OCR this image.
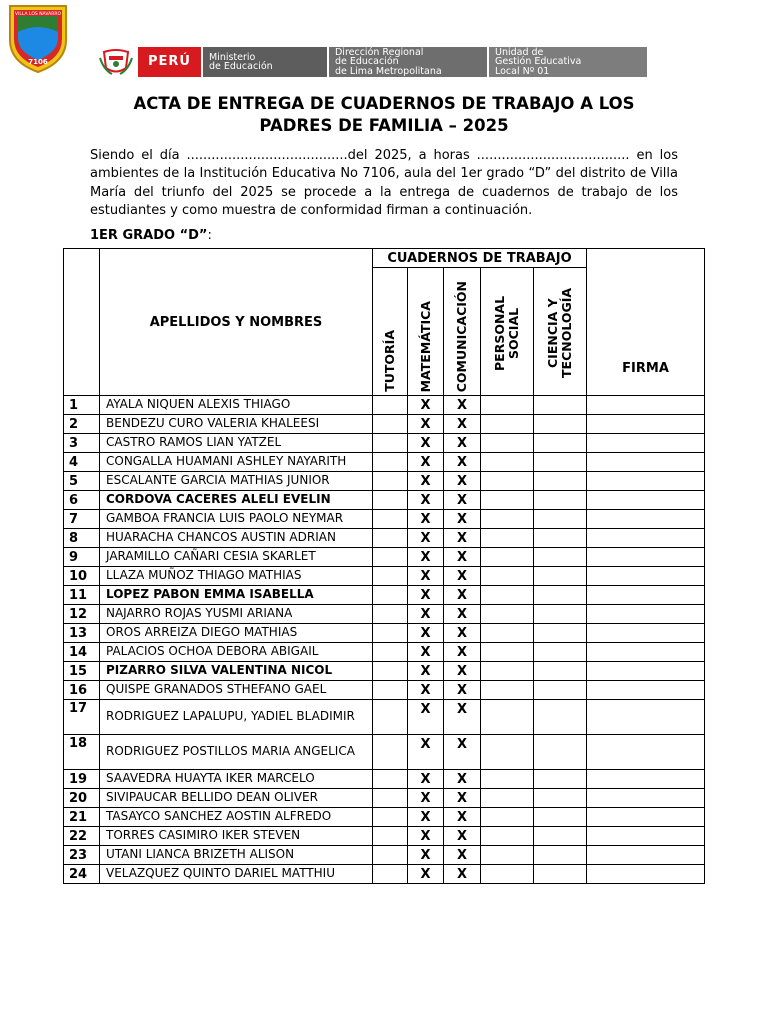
VILLA LOS NAVARRO
7106	PERÚ	Ministerio
de Educación
Dirección Regional
de Educación
de Lima Metropolitana
Unidad de
Gestión Educativa
Local Nº 01
ACTA DE ENTREGA DE CUADERNOS DE TRABAJO A LOS
PADRES DE FAMILIA – 2025
Siendo el día .......................................del 2025, a horas ..................................... en los ambientes de la Institución Educativa No 7106, aula del 1er grado “D” del distrito de Villa María del triunfo del 2025 se procede a la entrega de cuadernos de trabajo de los estudiantes y como muestra de conformidad firman a continuación.
1ER GRADO “D”:
	APELLIDOS Y NOMBRES	CUADERNOS DE TRABAJO					FIRMA
		TUTORÍA	MATEMÁTICA	COMUNICACIÓN	PERSONAL SOCIAL	CIENCIA Y TECNOLOGÍA	
1	AYALA NIQUEN ALEXIS THIAGO		X	X			
2	BENDEZU CURO VALERIA KHALEESI		X	X			
3	CASTRO RAMOS LIAN YATZEL		X	X			
4	CONGALLA HUAMANI ASHLEY NAYARITH		X	X			
5	ESCALANTE GARCIA MATHIAS JUNIOR		X	X			
6	CORDOVA CACERES ALELI EVELIN		X	X			
7	GAMBOA FRANCIA LUIS PAOLO NEYMAR		X	X			
8	HUARACHA CHANCOS AUSTIN ADRIAN		X	X			
9	JARAMILLO CAÑARI CESIA SKARLET		X	X			
10	LLAZA MUÑOZ THIAGO MATHIAS		X	X			
11	LOPEZ PABON EMMA ISABELLA		X	X			
12	NAJARRO ROJAS YUSMI ARIANA		X	X			
13	OROS ARREIZA DIEGO MATHIAS		X	X			
14	PALACIOS OCHOA DEBORA ABIGAIL		X	X			
15	PIZARRO SILVA VALENTINA NICOL		X	X			
16	QUISPE GRANADOS STHEFANO GAEL		X	X			
17	RODRIGUEZ LAPALUPU, YADIEL BLADIMIR		X	X			
18	RODRIGUEZ POSTILLOS MARIA ANGELICA		X	X			
19	SAAVEDRA HUAYTA IKER MARCELO		X	X			
20	SIVIPAUCAR BELLIDO DEAN OLIVER		X	X			
21	TASAYCO SANCHEZ AOSTIN ALFREDO		X	X			
22	TORRES CASIMIRO IKER STEVEN		X	X			
23	UTANI LIANCA BRIZETH ALISON		X	X			
24	VELAZQUEZ QUINTO DARIEL MATTHIU		X	X			
